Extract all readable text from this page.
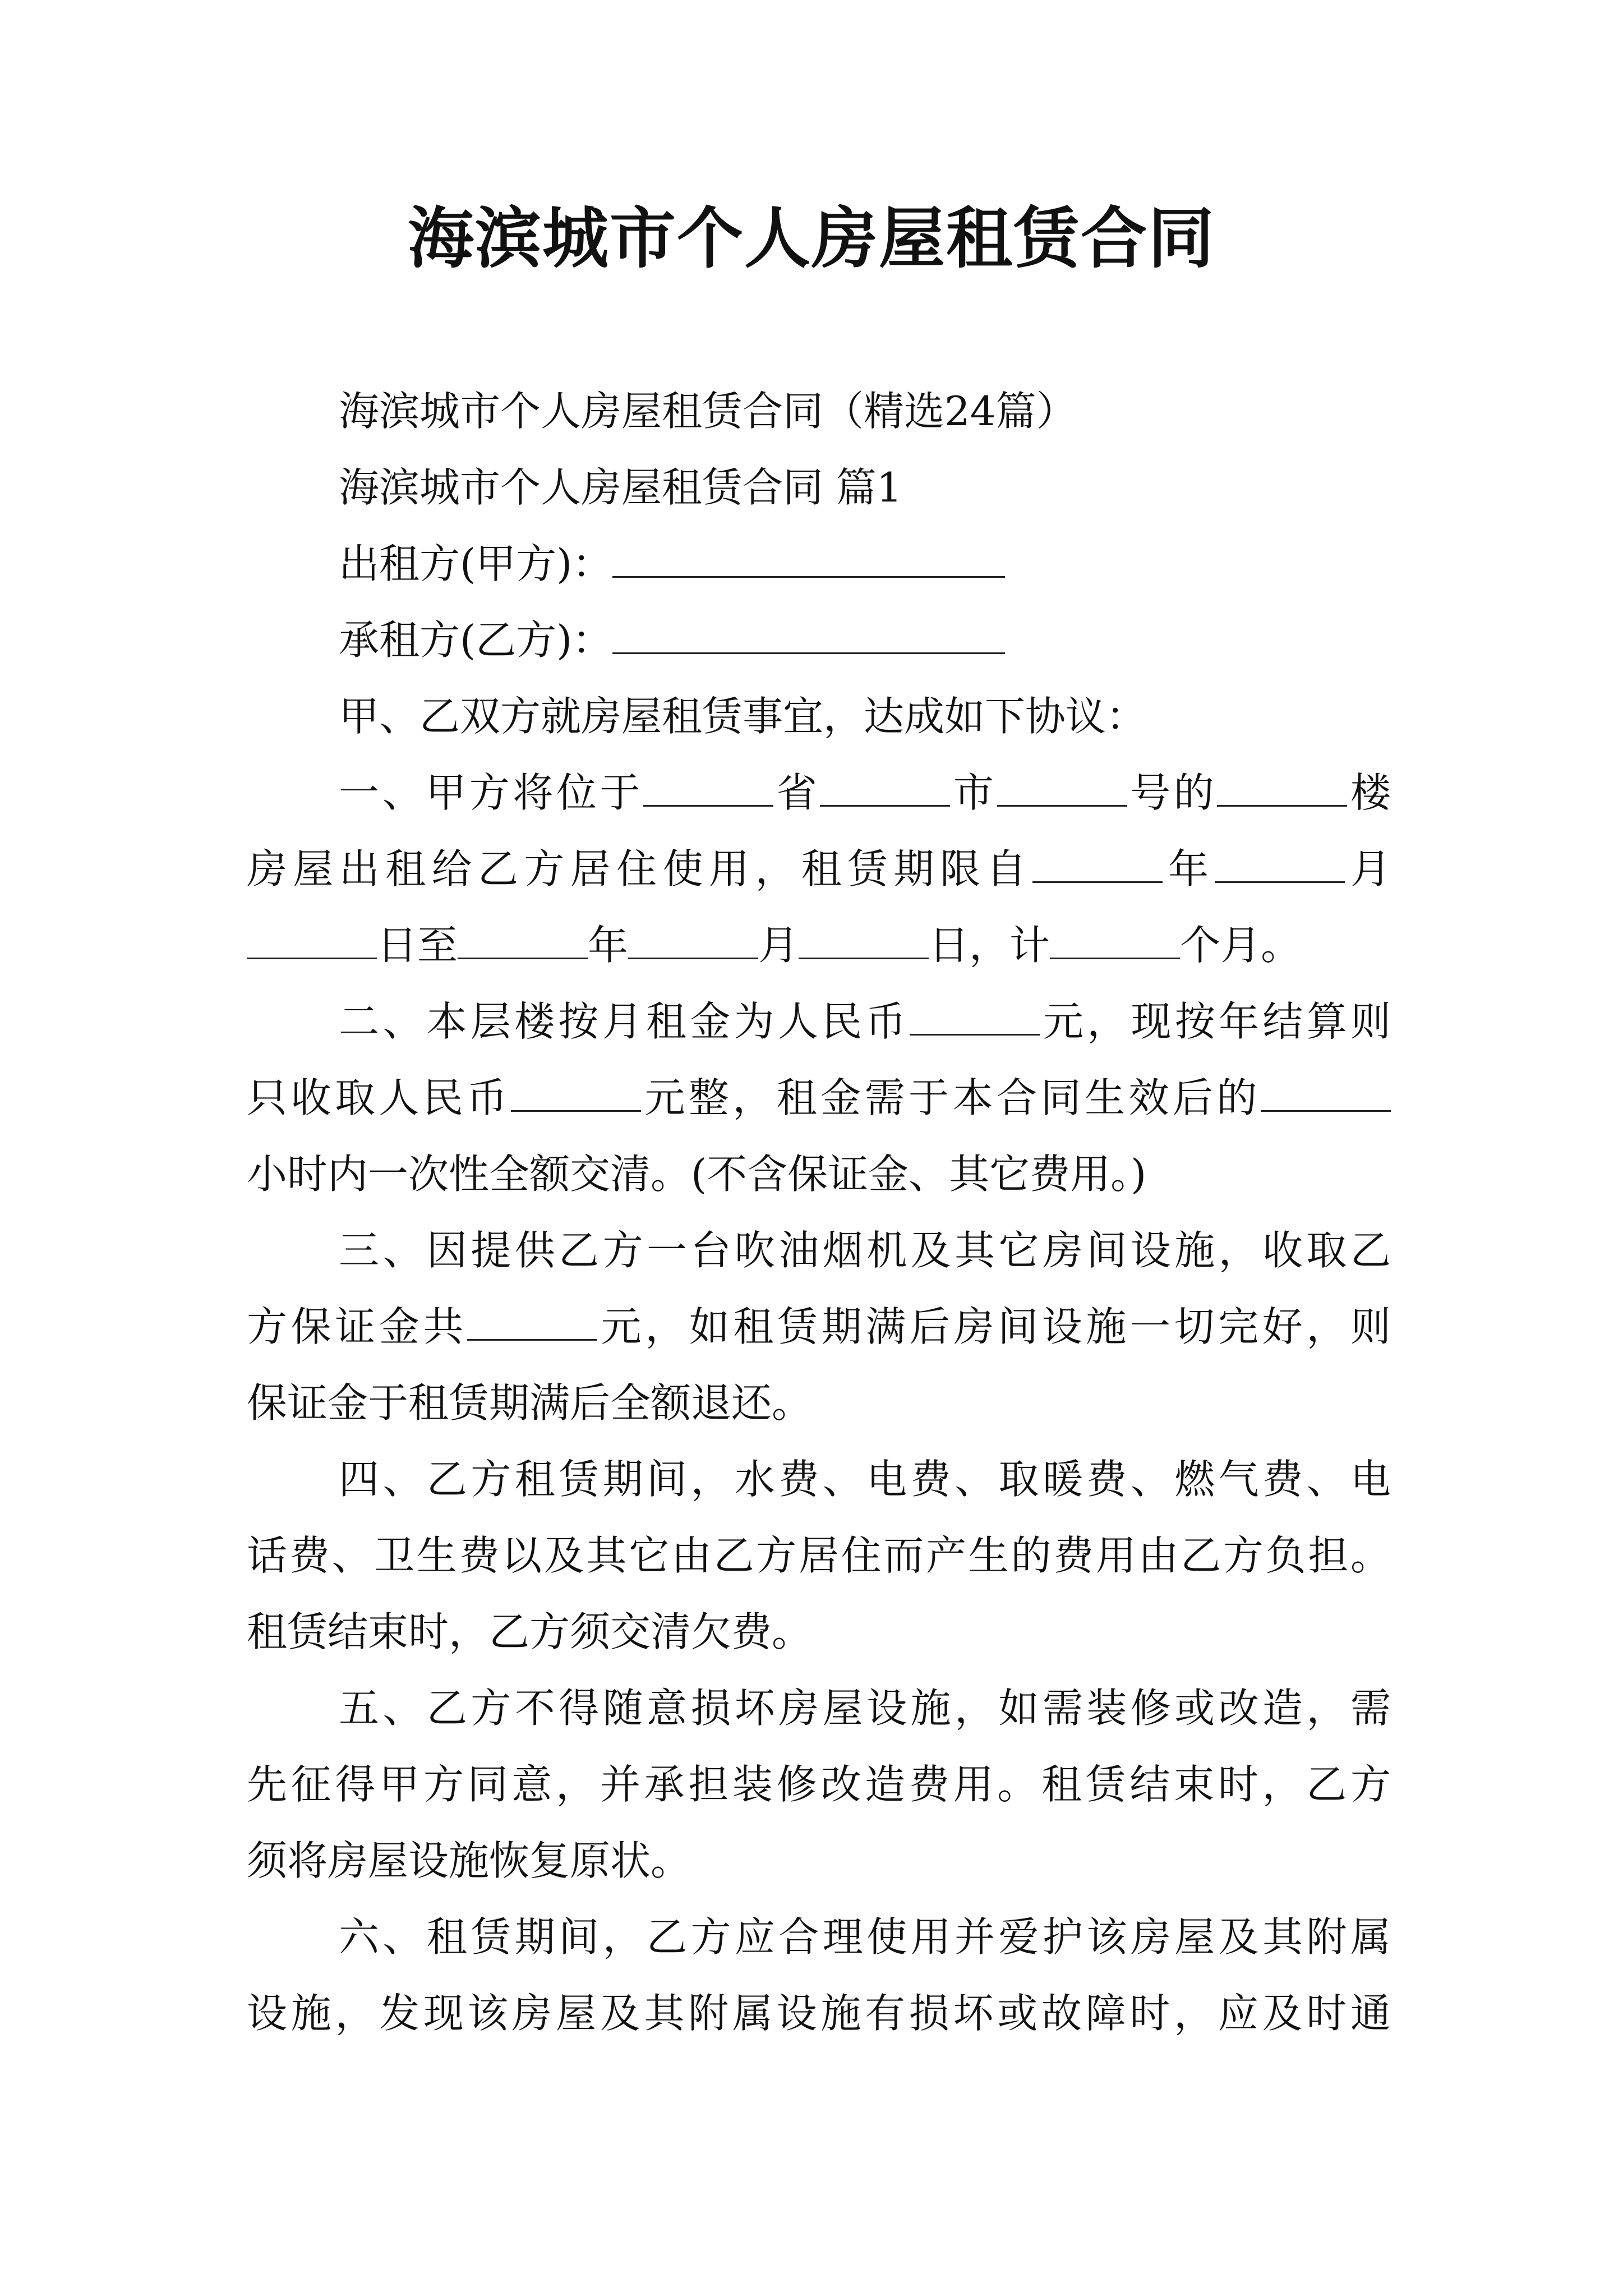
海滨城市个人房屋租赁合同
海滨城市个人房屋租赁合同（精选24篇）
海滨城市个人房屋租赁合同 篇1
出租方(甲方)：
承租方(乙方)：
甲、乙双方就房屋租赁事宜，达成如下协议：
一、甲方将位于	省	市	号的	楼
房屋出租给乙方居住使用，租赁期限自	年	月
日至	年	月	日，计	个月。
二、本层楼按月租金为人民币	元，现按年结算则
只收取人民币	元整，租金需于本合同生效后的
小时内一次性全额交清。(不含保证金、其它费用。)
三、因提供乙方一台吹油烟机及其它房间设施，收取乙
方保证金共	元，如租赁期满后房间设施一切完好，则
保证金于租赁期满后全额退还。
四、乙方租赁期间，水费、电费、取暖费、燃气费、电
话费、卫生费以及其它由乙方居住而产生的费用由乙方负担。
租赁结束时，乙方须交清欠费。
五、乙方不得随意损坏房屋设施，如需装修或改造，需
先征得甲方同意，并承担装修改造费用。租赁结束时，乙方
须将房屋设施恢复原状。
六、租赁期间，乙方应合理使用并爱护该房屋及其附属
设施，发现该房屋及其附属设施有损坏或故障时，应及时通
